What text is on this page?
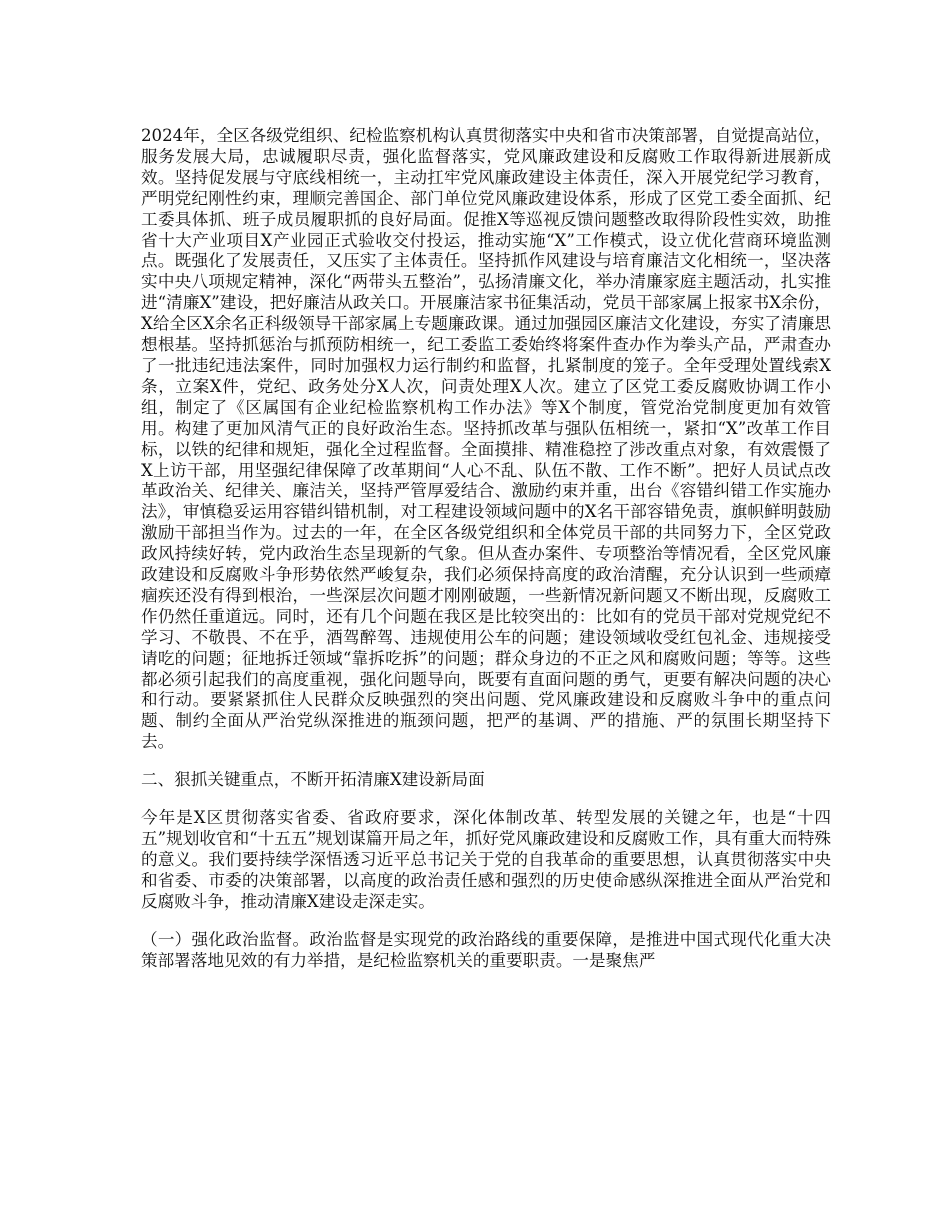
2024年，全区各级党组织、纪检监察机构认真贯彻落实中央和省市决策部署，自觉提高站位，服务发展大局，忠诚履职尽责，强化监督落实，党风廉政建设和反腐败工作取得新进展新成效。坚持促发展与守底线相统一，主动扛牢党风廉政建设主体责任，深入开展党纪学习教育，严明党纪刚性约束，理顺完善国企、部门单位党风廉政建设体系，形成了区党工委全面抓、纪工委具体抓、班子成员履职抓的良好局面。促推X等巡视反馈问题整改取得阶段性实效，助推省十大产业项目X产业园正式验收交付投运，推动实施“X”工作模式，设立优化营商环境监测点。既强化了发展责任，又压实了主体责任。坚持抓作风建设与培育廉洁文化相统一，坚决落实中央八项规定精神，深化“两带头五整治”，弘扬清廉文化，举办清廉家庭主题活动，扎实推进“清廉X”建设，把好廉洁从政关口。开展廉洁家书征集活动，党员干部家属上报家书X余份，X给全区X余名正科级领导干部家属上专题廉政课。通过加强园区廉洁文化建设，夯实了清廉思想根基。坚持抓惩治与抓预防相统一，纪工委监工委始终将案件查办作为拳头产品，严肃查办了一批违纪违法案件，同时加强权力运行制约和监督，扎紧制度的笼子。全年受理处置线索X条，立案X件，党纪、政务处分X人次，问责处理X人次。建立了区党工委反腐败协调工作小组，制定了《区属国有企业纪检监察机构工作办法》等X个制度，管党治党制度更加有效管用。构建了更加风清气正的良好政治生态。坚持抓改革与强队伍相统一，紧扣“X”改革工作目标，以铁的纪律和规矩，强化全过程监督。全面摸排、精准稳控了涉改重点对象，有效震慑了X上访干部，用坚强纪律保障了改革期间“人心不乱、队伍不散、工作不断”。把好人员试点改革政治关、纪律关、廉洁关，坚持严管厚爱结合、激励约束并重，出台《容错纠错工作实施办法》，审慎稳妥运用容错纠错机制，对工程建设领域问题中的X名干部容错免责，旗帜鲜明鼓励激励干部担当作为。过去的一年，在全区各级党组织和全体党员干部的共同努力下，全区党政政风持续好转，党内政治生态呈现新的气象。但从查办案件、专项整治等情况看，全区党风廉政建设和反腐败斗争形势依然严峻复杂，我们必须保持高度的政治清醒，充分认识到一些顽瘴痼疾还没有得到根治，一些深层次问题才刚刚破题，一些新情况新问题又不断出现，反腐败工作仍然任重道远。同时，还有几个问题在我区是比较突出的：比如有的党员干部对党规党纪不学习、不敬畏、不在乎，酒驾醉驾、违规使用公车的问题；建设领域收受红包礼金、违规接受请吃的问题；征地拆迁领域“靠拆吃拆”的问题；群众身边的不正之风和腐败问题；等等。这些都必须引起我们的高度重视，强化问题导向，既要有直面问题的勇气，更要有解决问题的决心和行动。要紧紧抓住人民群众反映强烈的突出问题、党风廉政建设和反腐败斗争中的重点问题、制约全面从严治党纵深推进的瓶颈问题，把严的基调、严的措施、严的氛围长期坚持下去。

二、狠抓关键重点，不断开拓清廉X建设新局面

今年是X区贯彻落实省委、省政府要求，深化体制改革、转型发展的关键之年，也是“十四五”规划收官和“十五五”规划谋篇开局之年，抓好党风廉政建设和反腐败工作，具有重大而特殊的意义。我们要持续学深悟透习近平总书记关于党的自我革命的重要思想，认真贯彻落实中央和省委、市委的决策部署，以高度的政治责任感和强烈的历史使命感纵深推进全面从严治党和反腐败斗争，推动清廉X建设走深走实。

（一）强化政治监督。政治监督是实现党的政治路线的重要保障，是推进中国式现代化重大决策部署落地见效的有力举措，是纪检监察机关的重要职责。一是聚焦严
